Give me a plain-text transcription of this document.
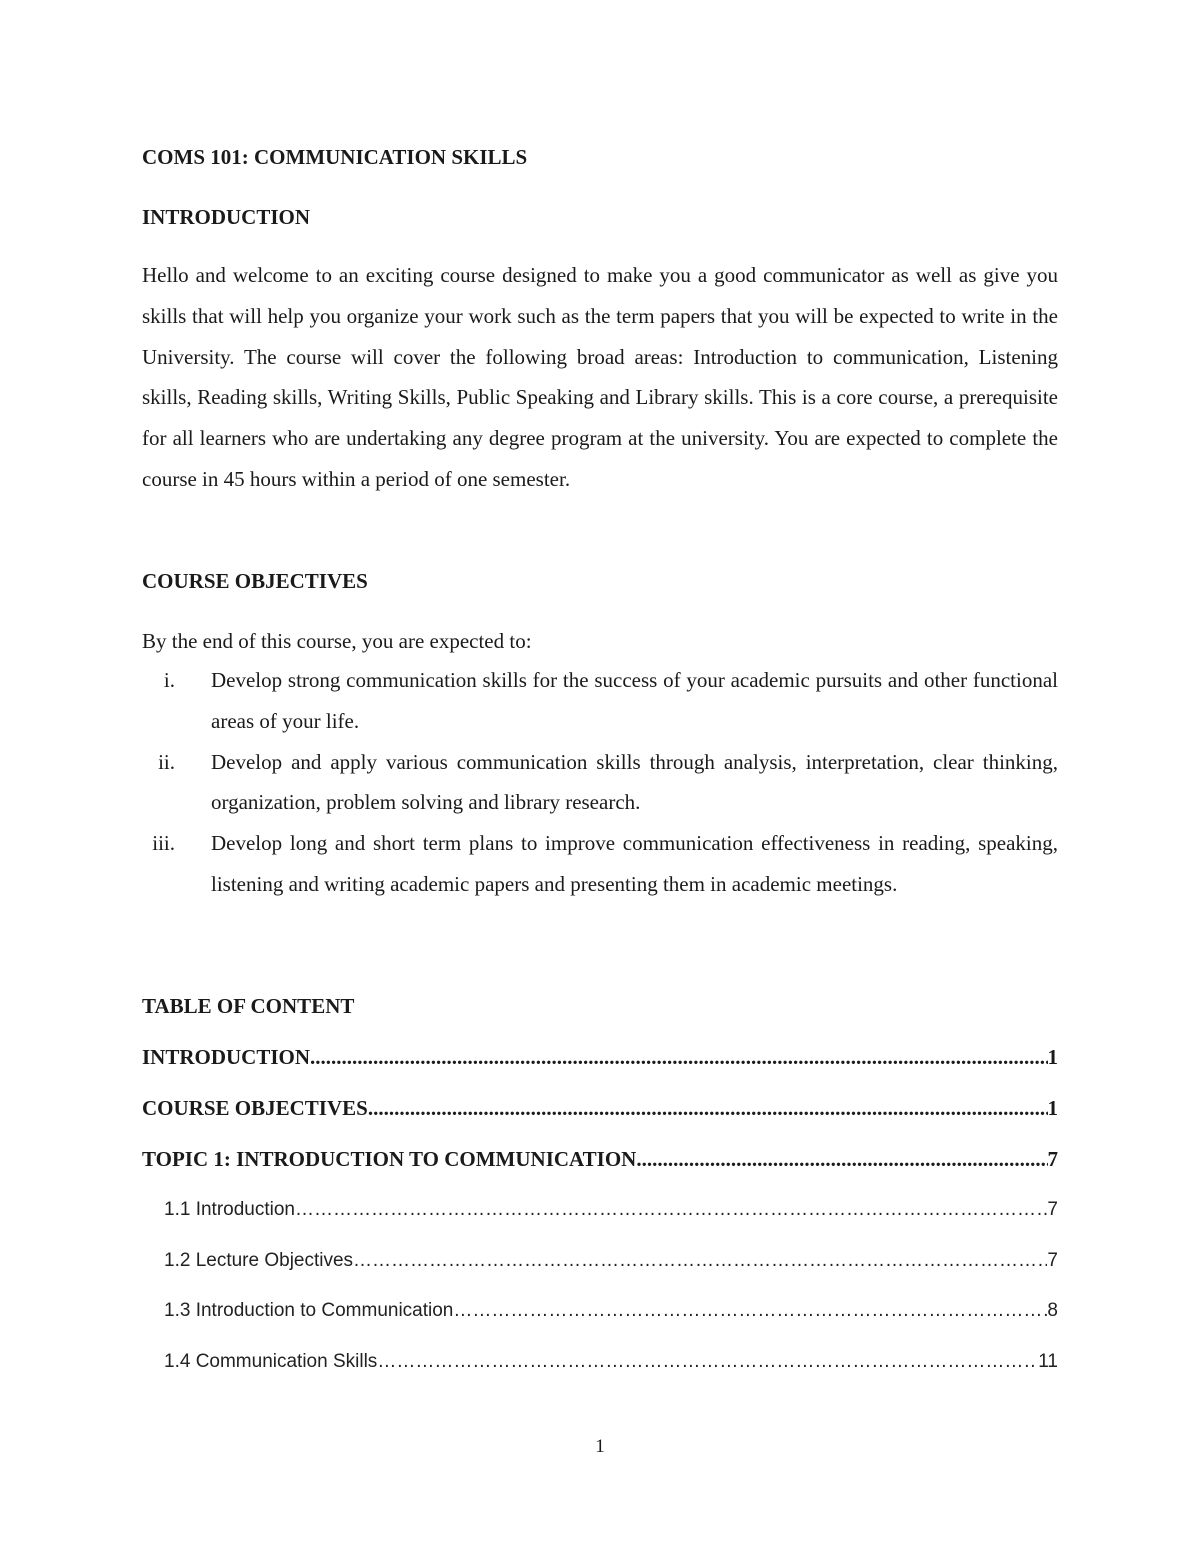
COMS 101: COMMUNICATION SKILLS
INTRODUCTION

Hello and welcome to an exciting course designed to make you a good communicator as well as give you skills that will help you organize your work such as the term papers that you will be expected to write in the University. The course will cover the following broad areas: Introduction to communication, Listening skills, Reading skills, Writing Skills, Public Speaking and Library skills. This is a core course, a prerequisite for all learners who are undertaking any degree program at the university. You are expected to complete the course in 45 hours within a period of one semester.

COURSE OBJECTIVES
By the end of this course, you are expected to:
i. Develop strong communication skills for the success of your academic pursuits and other functional areas of your life.
ii. Develop and apply various communication skills through analysis, interpretation, clear thinking, organization, problem solving and library research.
iii. Develop long and short term plans to improve communication effectiveness in reading, speaking, listening and writing academic papers and presenting them in academic meetings.
TABLE OF CONTENT
INTRODUCTION .....	1
COURSE OBJECTIVES .....	1
TOPIC 1: INTRODUCTION TO COMMUNICATION .....	7
1.1 Introduction …………………………………………………………………………………………………………………………………………………………………………………………………………………………………………	7
1.2 Lecture Objectives …………………………………………………………………………………………………………………………………………………………………………………………………………………………………………	7
1.3 Introduction to Communication …………………………………………………………………………………………………………………………………………………………………………………………………………………………………………	8
1.4 Communication Skills …………………………………………………………………………………………………………………………………………………………………………………………………………………………………………	11
1
